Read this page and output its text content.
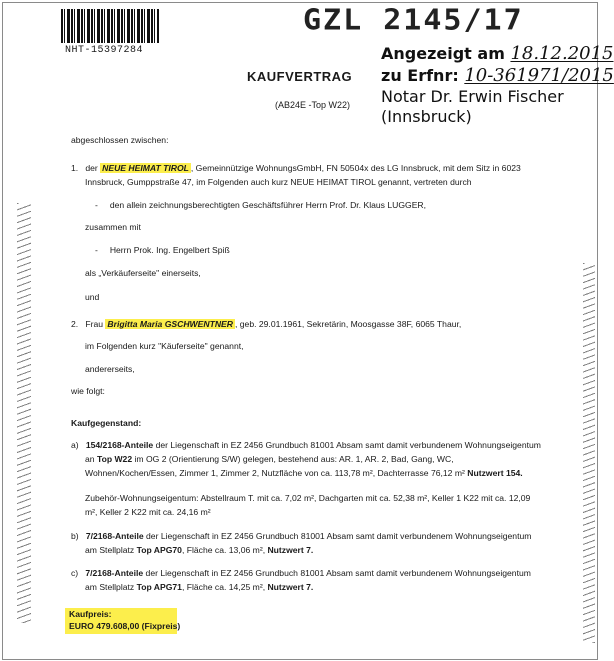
NHT-15397284
GZL 2145/17
Angezeigt am 18.12.2015
zu Erfnr: 10-361971/2015
Notar Dr. Erwin Fischer
(Innsbruck)
KAUFVERTRAG
(AB24E -Top W22)
abgeschlossen zwischen:
1. der NEUE HEIMAT TIROL , Gemeinnützige WohnungsGmbH, FN 50504x des LG Innsbruck, mit dem Sitz in 6023
Innsbruck, Gumppstraße 47, im Folgenden auch kurz NEUE HEIMAT TIROL genannt, vertreten durch
-     den allein zeichnungsberechtigten Geschäftsführer Herrn Prof. Dr. Klaus LUGGER,
zusammen mit
-     Herrn Prok. Ing. Engelbert Spiß
als „Verkäuferseite" einerseits,
und
2. Frau Brigitta Maria GSCHWENTNER , geb. 29.01.1961, Sekretärin, Moosgasse 38F, 6065 Thaur,
im Folgenden kurz "Käuferseite" genannt,
andererseits,
wie folgt:
Kaufgegenstand:
a) 154/2168-Anteile der Liegenschaft in EZ 2456 Grundbuch 81001 Absam samt damit verbundenem Wohnungseigentum
an Top W22 im OG 2 (Orientierung S/W) gelegen, bestehend aus: AR. 1, AR. 2, Bad, Gang, WC,
Wohnen/Kochen/Essen, Zimmer 1, Zimmer 2, Nutzfläche von ca. 113,78 m², Dachterrasse 76,12 m² Nutzwert 154.
Zubehör-Wohnungseigentum: Abstellraum T. mit ca. 7,02 m², Dachgarten mit ca. 52,38 m², Keller 1 K22 mit ca. 12,09
m², Keller 2 K22 mit ca. 24,16 m²
b) 7/2168-Anteile der Liegenschaft in EZ 2456 Grundbuch 81001 Absam samt damit verbundenem Wohnungseigentum
am Stellplatz Top APG70, Fläche ca. 13,06 m², Nutzwert 7.
c) 7/2168-Anteile der Liegenschaft in EZ 2456 Grundbuch 81001 Absam samt damit verbundenem Wohnungseigentum
am Stellplatz Top APG71, Fläche ca. 14,25 m², Nutzwert 7.
Kaufpreis:
EURO 479.608,00 (Fixpreis)
